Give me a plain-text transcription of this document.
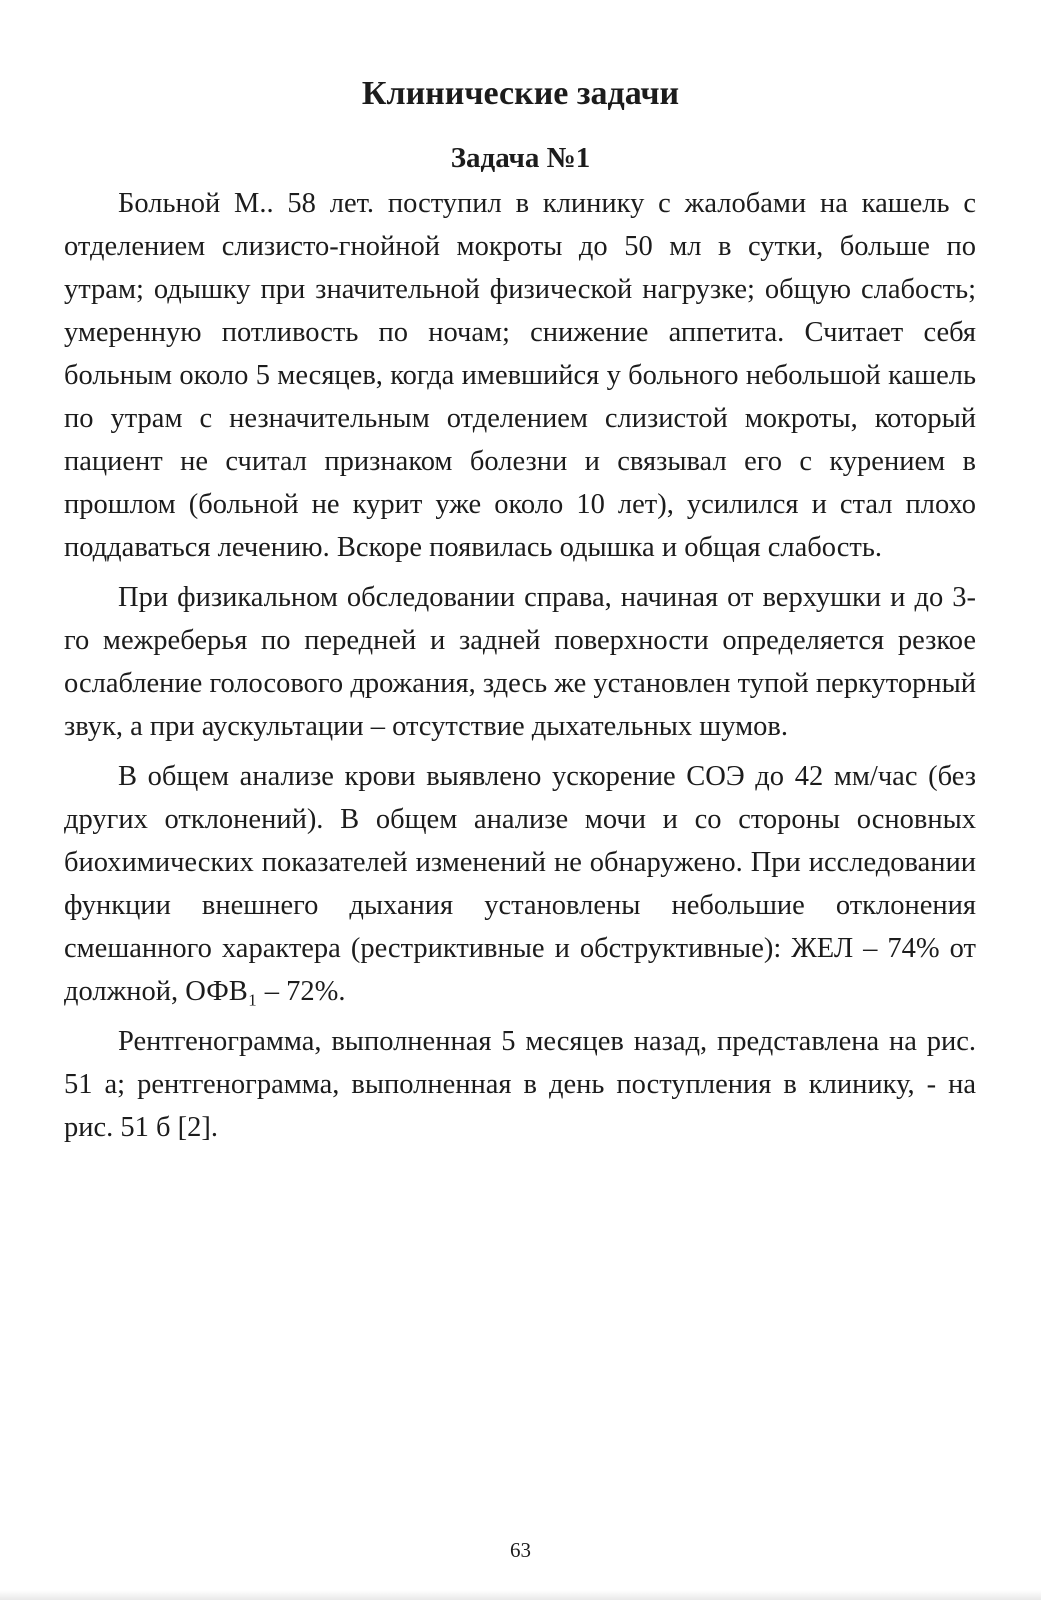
Клинические задачи
Задача №1

Больной М.. 58 лет. поступил в клинику с жалобами на кашель с отделением слизисто-гнойной мокроты до 50 мл в сутки, больше по утрам; одышку при значительной физической нагрузке; общую слабость; умеренную потливость по ночам; снижение аппетита. Считает себя больным около 5 месяцев, когда имевшийся у больного небольшой кашель по утрам с незначительным отделением слизистой мокроты, который пациент не считал признаком болезни и связывал его с курением в прошлом (больной не курит уже около 10 лет), усилился и стал плохо поддаваться лечению. Вскоре появилась одышка и общая слабость.

При физикальном обследовании справа, начиная от верхушки и до 3-го межреберья по передней и задней поверхности определяется резкое ослабление голосового дрожания, здесь же установлен тупой перкуторный звук, а при аускультации – отсутствие дыхательных шумов.

В общем анализе крови выявлено ускорение СОЭ до 42 мм/час (без других отклонений). В общем анализе мочи и со стороны основных биохимических показателей изменений не обнаружено. При исследовании функции внешнего дыхания установлены небольшие отклонения смешанного характера (рестриктивные и обструктивные): ЖЕЛ – 74% от должной, ОФВ₁ – 72%.

Рентгенограмма, выполненная 5 месяцев назад, представлена на рис. 51 а; рентгенограмма, выполненная в день поступления в клинику, - на рис. 51 б [2].

63
